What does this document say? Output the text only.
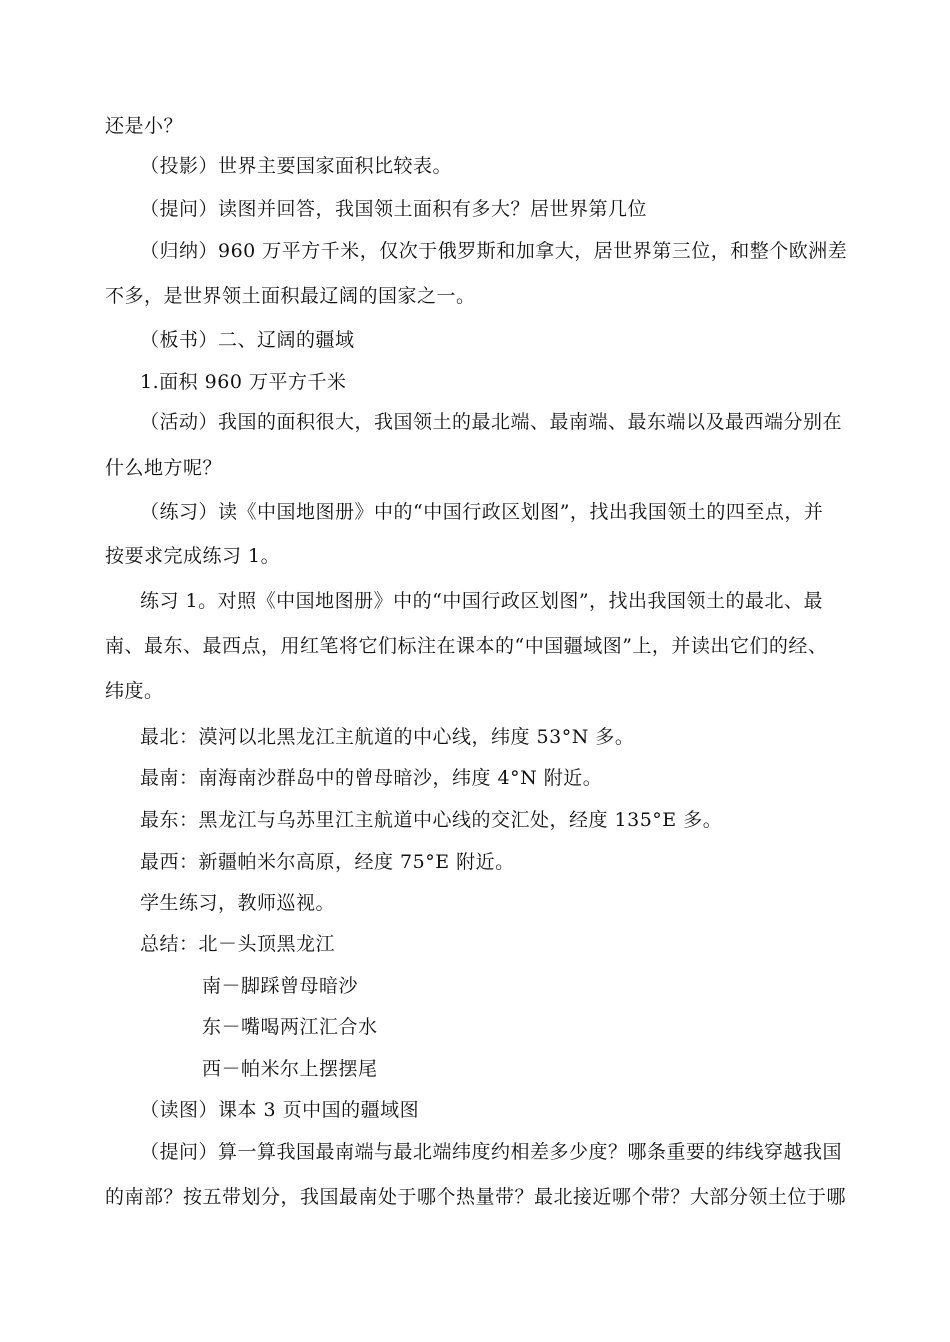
还是小？
（投影）世界主要国家面积比较表。
（提问）读图并回答，我国领土面积有多大？居世界第几位
（归纳）960 万平方千米，仅次于俄罗斯和加拿大，居世界第三位，和整个欧洲差
不多，是世界领土面积最辽阔的国家之一。
（板书）二、辽阔的疆域
1.面积 960 万平方千米
（活动）我国的面积很大，我国领土的最北端、最南端、最东端以及最西端分别在
什么地方呢？
（练习）读《中国地图册》中的“中国行政区划图”，找出我国领土的四至点，并
按要求完成练习 1。
练习 1。对照《中国地图册》中的“中国行政区划图”，找出我国领土的最北、最
南、最东、最西点，用红笔将它们标注在课本的“中国疆域图”上，并读出它们的经、
纬度。
最北：漠河以北黑龙江主航道的中心线，纬度 53°N 多。
最南：南海南沙群岛中的曾母暗沙，纬度 4°N 附近。
最东：黑龙江与乌苏里江主航道中心线的交汇处，经度 135°E 多。
最西：新疆帕米尔高原，经度 75°E 附近。
学生练习，教师巡视。
总结：北－头顶黑龙江
南－脚踩曾母暗沙
东－嘴喝两江汇合水
西－帕米尔上摆摆尾
（读图）课本 3 页中国的疆域图
（提问）算一算我国最南端与最北端纬度约相差多少度？哪条重要的纬线穿越我国
的南部？按五带划分，我国最南处于哪个热量带？最北接近哪个带？大部分领土位于哪
